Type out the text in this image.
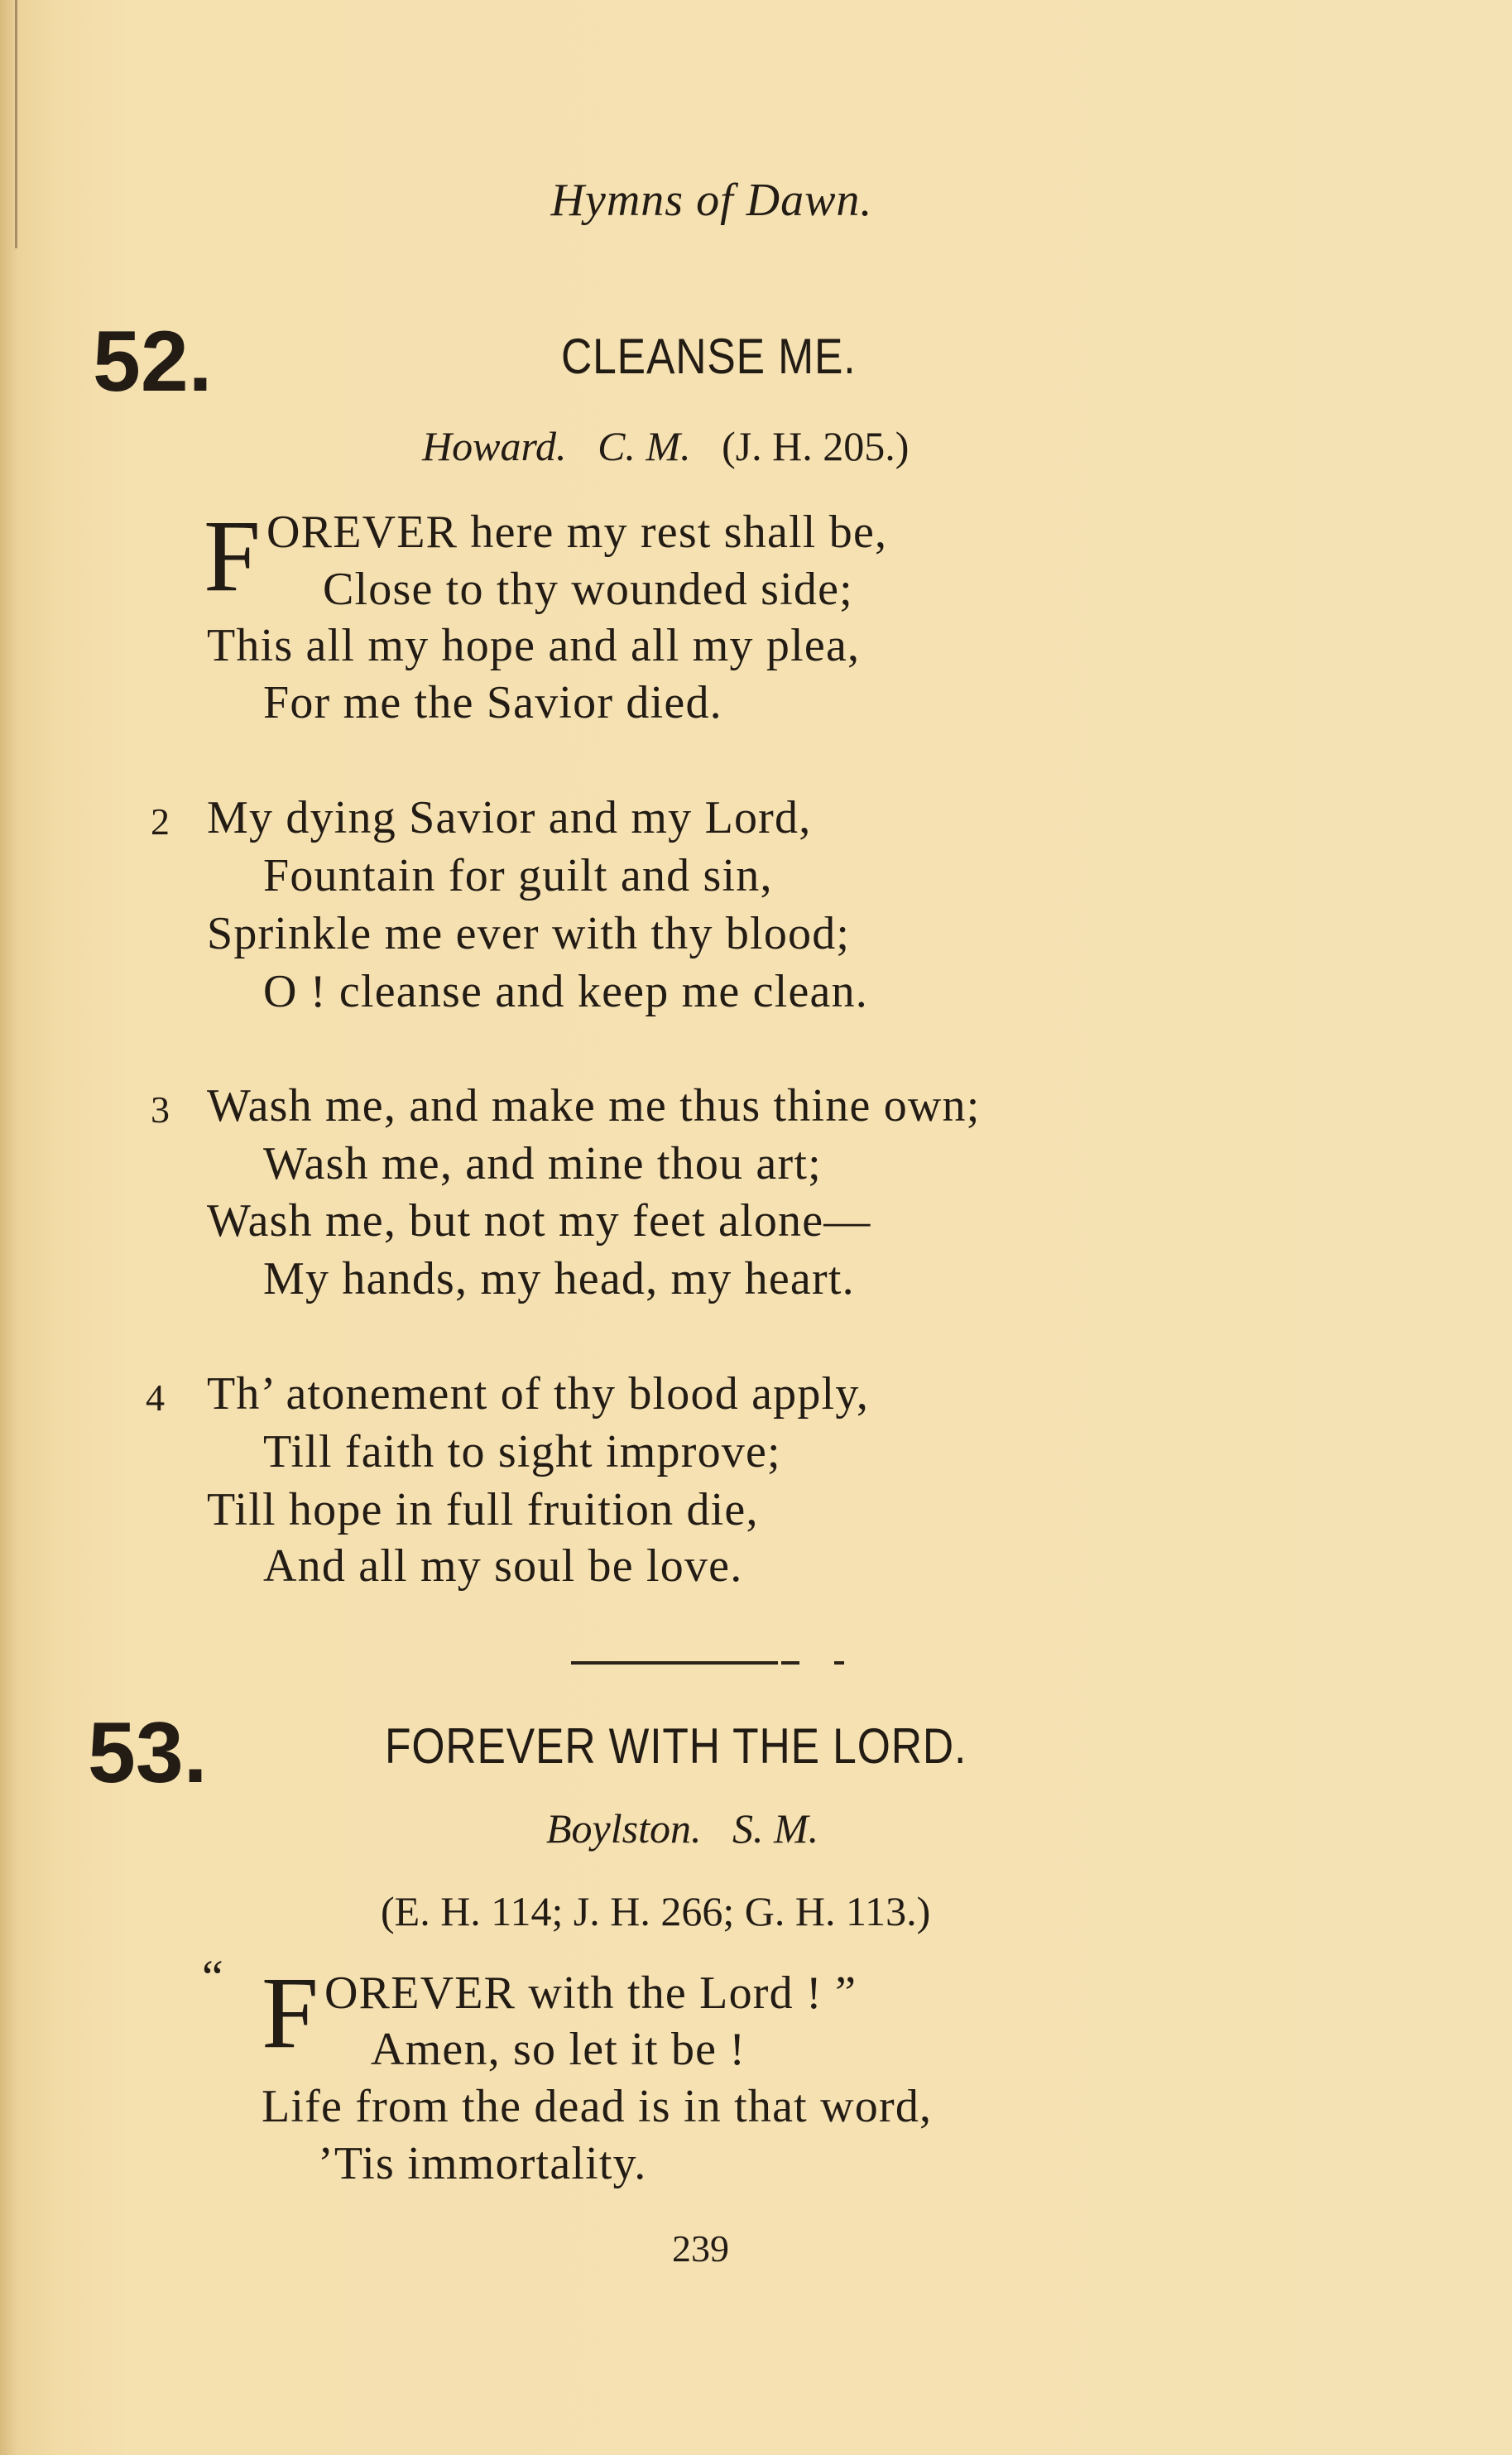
Hymns of Dawn.
52.	CLEANSE ME.
Howard. C. M. (J. H. 205.)
F OREVER here my rest shall be,
Close to thy wounded side;
This all my hope and all my plea,
For me the Savior died.
2 My dying Savior and my Lord,
Fountain for guilt and sin,
Sprinkle me ever with thy blood;
O ! cleanse and keep me clean.
3 Wash me, and make me thus thine own;
Wash me, and mine thou art;
Wash me, but not my feet alone—
My hands, my head, my heart.
4 Th’ atonement of thy blood apply,
Till faith to sight improve;
Till hope in full fruition die,
And all my soul be love.
53.	FOREVER WITH THE LORD.
Boylston. S. M.
(E. H. 114; J. H. 266; G. H. 113.)
“ F OREVER with the Lord ! ”
Amen, so let it be !
Life from the dead is in that word,
’Tis immortality.
239
